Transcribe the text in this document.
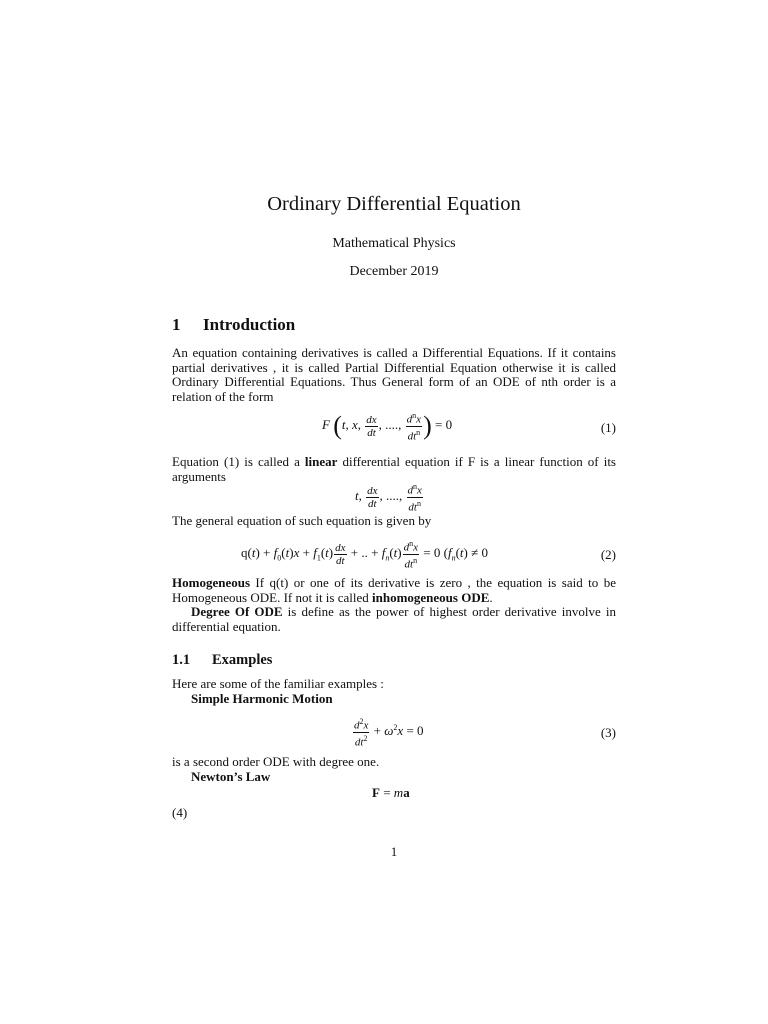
Ordinary Differential Equation
Mathematical Physics
December 2019
1 Introduction

An equation containing derivatives is called a Differential Equations. If it contains partial derivatives , it is called Partial Differential Equation otherwise it is called Ordinary Differential Equations. Thus General form of an ODE of nth order is a relation of the form

F (t, x, $\frac{dx}{dt}$ , ...., $\frac{d^nx}{dt^n}$ ) = 0	(1)

Equation (1) is called a linear differential equation if F is a linear function of its arguments

t, $\frac{dx}{dt}$ , ...., $\frac{d^nx}{dt^n}$

The general equation of such equation is given by

$q(t) + f_0(t)x + f_1(t) \frac{dx}{dt}$ + .. + $f_n(t) \frac{d^nx}{dt^n} = 0$ ($f_n(t) \ne 0$	(2)

Homogeneous If q(t) or one of its derivative is zero , the equation is said to be Homogeneous ODE. If not it is called inhomogeneous ODE.

Degree Of ODE is define as the power of highest order derivative involve in differential equation.

1.1 Examples

Here are some of the familiar examples :

Simple Harmonic Motion

$\frac{d^2x}{dt^2} + \omega^2x = 0$	(3)

is a second order ODE with degree one.

Newton’s Law

F = ma
(4)
1
